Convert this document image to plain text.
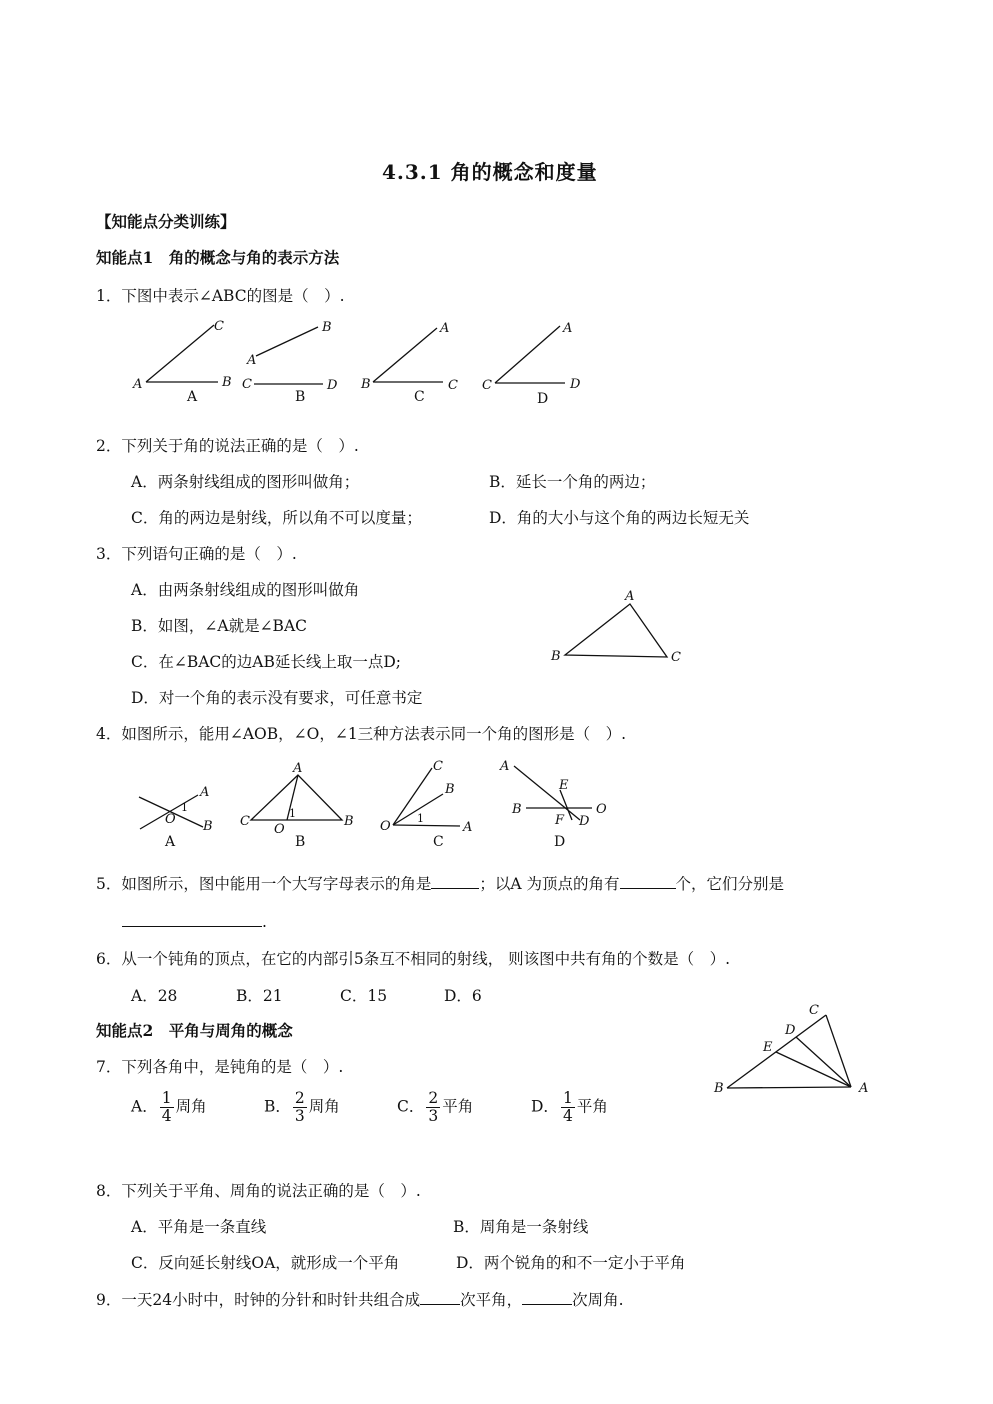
4.3.1 角的概念和度量
【知能点分类训练】
知能点1　角的概念与角的表示方法
1．下图中表示∠ABC的图是（　）.
C
A	B
A
B
A
C	D
B
A
B	C
C
A
C	D
D
2．下列关于角的说法正确的是（　）.
A．两条射线组成的图形叫做角；	B．延长一个角的两边；
C．角的两边是射线，所以角不可以度量；	D．角的大小与这个角的两边长短无关
3．下列语句正确的是（　）.
A．由两条射线组成的图形叫做角
B．如图，∠A就是∠BAC
C．在∠BAC的边AB延长线上取一点D;
D．对一个角的表示没有要求，可任意书定
A
B	C
4．如图所示，能用∠AOB，∠O，∠1三种方法表示同一个角的图形是（　）.
A
1
O B
A
A
C
O
1
B
B
C
B
O
1
A
C
A
E
B	O
F D
D
5．如图所示，图中能用一个大写字母表示的角是	；以A 为顶点的角有	个，它们分别是
.
6．从一个钝角的顶点，在它的内部引5条互不相同的射线， 则该图中共有角的个数是（　）.
A．28	B．21	C．15	D．6
C
D
E
B	A
知能点2　平角与周角的概念
7．下列各角中，是钝角的是（　）.
A． $\frac{1}{4}$ 周角	B． $\frac{2}{3}$ 周角	C． $\frac{2}{3}$ 平角	D． $\frac{1}{4}$ 平角
8．下列关于平角、周角的说法正确的是（　）.
A．平角是一条直线	B．周角是一条射线
C．反向延长射线OA，就形成一个平角	D．两个锐角的和不一定小于平角
9．一天24小时中，时钟的分针和时针共组合成	次平角，	次周角.
